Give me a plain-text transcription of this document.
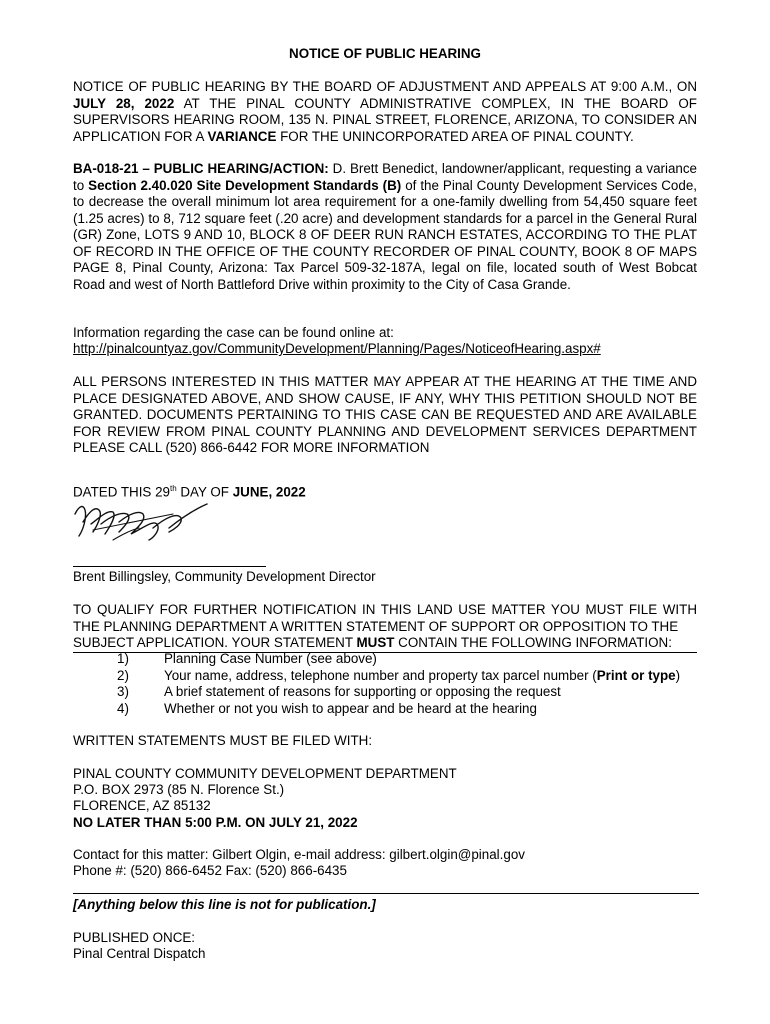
NOTICE OF PUBLIC HEARING

NOTICE OF PUBLIC HEARING BY THE BOARD OF ADJUSTMENT AND APPEALS AT 9:00 A.M., ON JULY 28, 2022 AT THE PINAL COUNTY ADMINISTRATIVE COMPLEX, IN THE BOARD OF SUPERVISORS HEARING ROOM, 135 N. PINAL STREET, FLORENCE, ARIZONA, TO CONSIDER AN APPLICATION FOR A VARIANCE FOR THE UNINCORPORATED AREA OF PINAL COUNTY.

BA-018-21 – PUBLIC HEARING/ACTION: D. Brett Benedict, landowner/applicant, requesting a variance to Section 2.40.020 Site Development Standards (B) of the Pinal County Development Services Code, to decrease the overall minimum lot area requirement for a one-family dwelling from 54,450 square feet (1.25 acres) to 8, 712 square feet (.20 acre) and development standards for a parcel in the General Rural (GR) Zone, LOTS 9 AND 10, BLOCK 8 OF DEER RUN RANCH ESTATES, ACCORDING TO THE PLAT OF RECORD IN THE OFFICE OF THE COUNTY RECORDER OF PINAL COUNTY, BOOK 8 OF MAPS PAGE 8, Pinal County, Arizona: Tax Parcel 509-32-187A, legal on file, located south of West Bobcat Road and west of North Battleford Drive within proximity to the City of Casa Grande.

Information regarding the case can be found online at:

http://pinalcountyaz.gov/CommunityDevelopment/Planning/Pages/NoticeofHearing.aspx#

ALL PERSONS INTERESTED IN THIS MATTER MAY APPEAR AT THE HEARING AT THE TIME AND PLACE DESIGNATED ABOVE, AND SHOW CAUSE, IF ANY, WHY THIS PETITION SHOULD NOT BE GRANTED. DOCUMENTS PERTAINING TO THIS CASE CAN BE REQUESTED AND ARE AVAILABLE FOR REVIEW FROM PINAL COUNTY PLANNING AND DEVELOPMENT SERVICES DEPARTMENT PLEASE CALL (520) 866-6442 FOR MORE INFORMATION

DATED THIS 29th DAY OF JUNE, 2022

Brent Billingsley, Community Development Director

TO QUALIFY FOR FURTHER NOTIFICATION IN THIS LAND USE MATTER YOU MUST FILE WITH THE PLANNING DEPARTMENT A WRITTEN STATEMENT OF SUPPORT OR OPPOSITION TO THE

SUBJECT APPLICATION. YOUR STATEMENT MUST CONTAIN THE FOLLOWING INFORMATION:

1)	Planning Case Number (see above)
2)	Your name, address, telephone number and property tax parcel number (Print or type)
3)	A brief statement of reasons for supporting or opposing the request
4)	Whether or not you wish to appear and be heard at the hearing

WRITTEN STATEMENTS MUST BE FILED WITH:

PINAL COUNTY COMMUNITY DEVELOPMENT DEPARTMENT

P.O. BOX 2973 (85 N. Florence St.)

FLORENCE, AZ 85132

NO LATER THAN 5:00 P.M. ON JULY 21, 2022

Contact for this matter: Gilbert Olgin, e-mail address: gilbert.olgin@pinal.gov

Phone #: (520) 866-6452 Fax: (520) 866-6435

[Anything below this line is not for publication.]

PUBLISHED ONCE:

Pinal Central Dispatch
